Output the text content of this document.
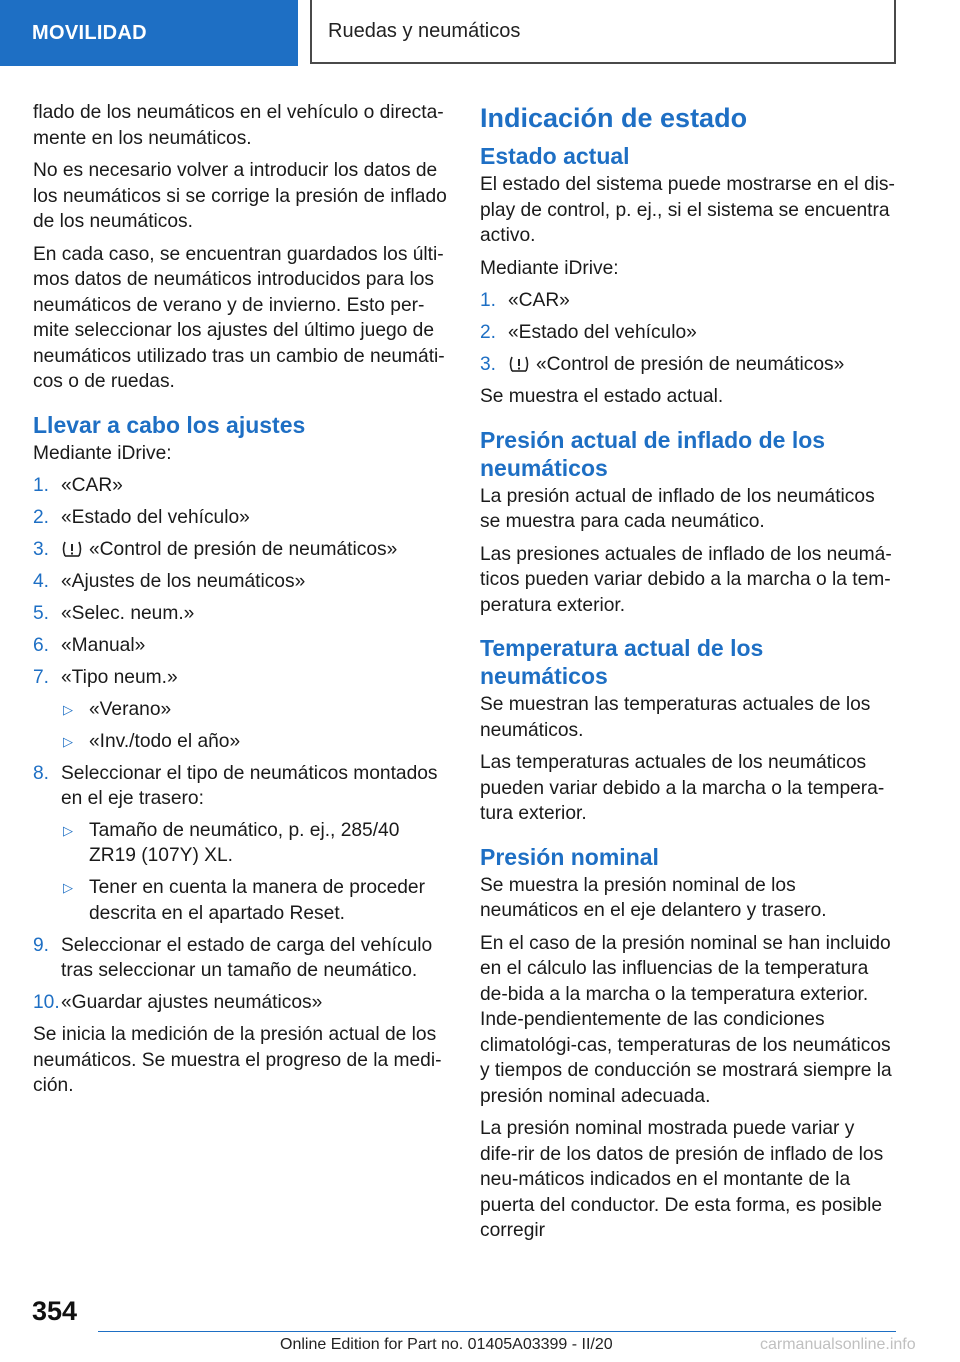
MOVILIDAD	Ruedas y neumáticos

flado de los neumáticos en el vehículo o directa-mente en los neumáticos.

No es necesario volver a introducir los datos de los neumáticos si se corrige la presión de inflado de los neumáticos.

En cada caso, se encuentran guardados los últi-mos datos de neumáticos introducidos para los neumáticos de verano y de invierno. Esto per-mite seleccionar los ajustes del último juego de neumáticos utilizado tras un cambio de neumáti-cos o de ruedas.

Llevar a cabo los ajustes

Mediante iDrive:

1. «CAR»
2. «Estado del vehículo»
3. «Control de presión de neumáticos»
4. «Ajustes de los neumáticos»
5. «Selec. neum.»
6. «Manual»
7. «Tipo neum.»
▷ «Verano»
▷ «Inv./todo el año»
8. Seleccionar el tipo de neumáticos montados en el eje trasero:
▷ Tamaño de neumático, p. ej., 285/40 ZR19 (107Y) XL.
▷ Tener en cuenta la manera de proceder descrita en el apartado Reset.
9. Seleccionar el estado de carga del vehículo tras seleccionar un tamaño de neumático.
10. «Guardar ajustes neumáticos»

Se inicia la medición de la presión actual de los neumáticos. Se muestra el progreso de la medi-ción.

Indicación de estado
Estado actual

El estado del sistema puede mostrarse en el dis-play de control, p. ej., si el sistema se encuentra activo.

Mediante iDrive:

1. «CAR»
2. «Estado del vehículo»
3. «Control de presión de neumáticos»

Se muestra el estado actual.

Presión actual de inflado de los neumáticos

La presión actual de inflado de los neumáticos se muestra para cada neumático.

Las presiones actuales de inflado de los neumá-ticos pueden variar debido a la marcha o la tem-peratura exterior.

Temperatura actual de los neumáticos

Se muestran las temperaturas actuales de los neumáticos.

Las temperaturas actuales de los neumáticos pueden variar debido a la marcha o la tempera-tura exterior.

Presión nominal

Se muestra la presión nominal de los neumáticos en el eje delantero y trasero.

En el caso de la presión nominal se han incluido en el cálculo las influencias de la temperatura de-bida a la marcha o la temperatura exterior. Inde-pendientemente de las condiciones climatológi-cas, temperaturas de los neumáticos y tiempos de conducción se mostrará siempre la presión nominal adecuada.

La presión nominal mostrada puede variar y dife-rir de los datos de presión de inflado de los neu-máticos indicados en el montante de la puerta del conductor. De esta forma, es posible corregir

354
Online Edition for Part no. 01405A03399 - II/20	carmanualsonline.info
